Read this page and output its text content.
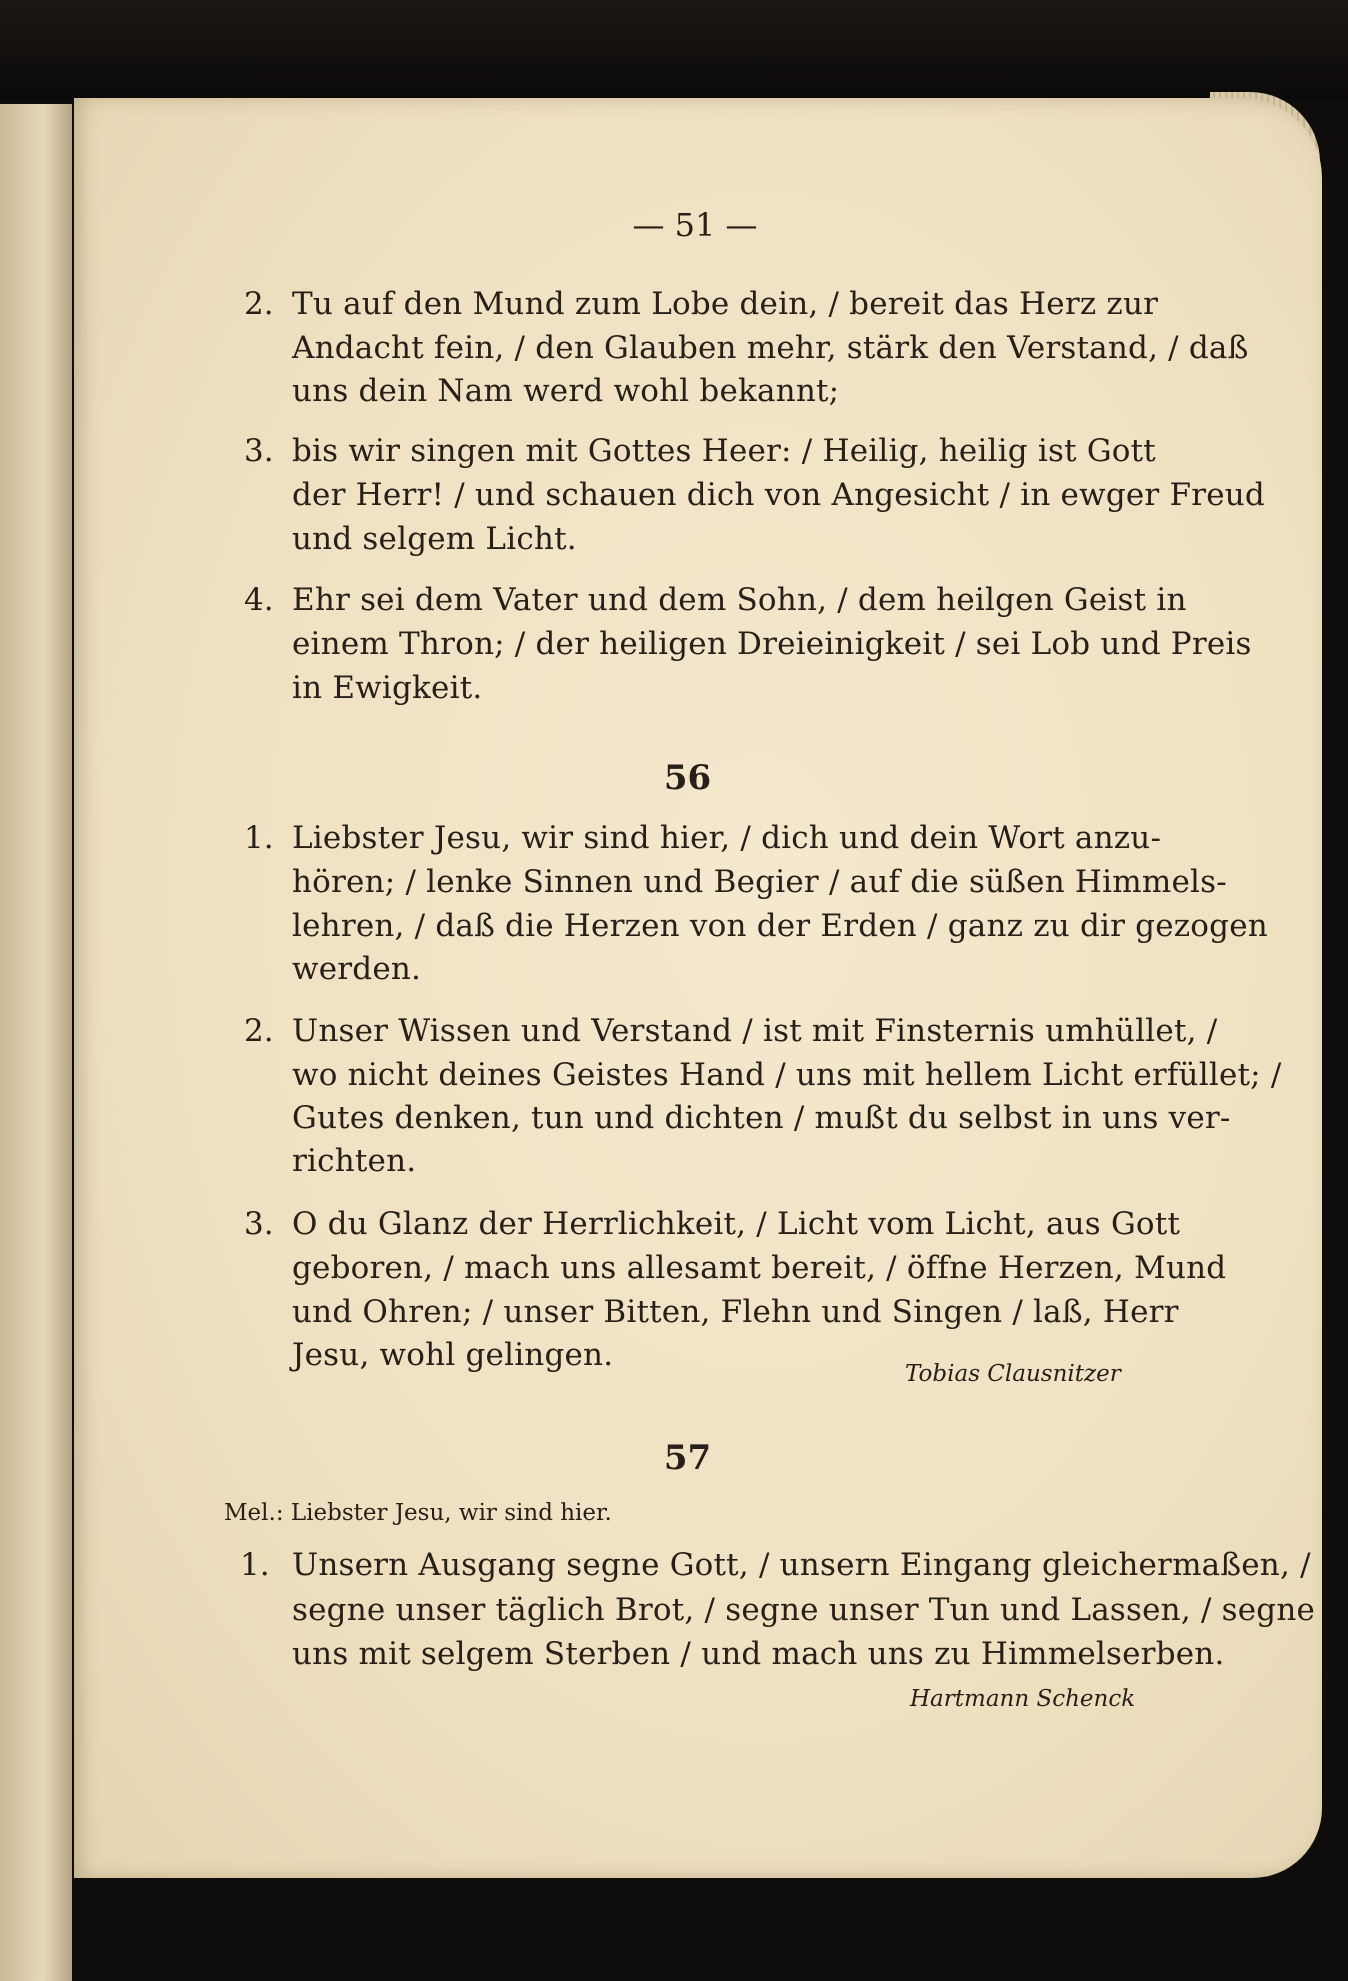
— 51 —
2. Tu auf den Mund zum Lobe dein, / bereit das Herz zur
Andacht fein, / den Glauben mehr, stärk den Verstand, / daß
uns dein Nam werd wohl bekannt;
3. bis wir singen mit Gottes Heer: / Heilig, heilig ist Gott
der Herr! / und schauen dich von Angesicht / in ewger Freud
und selgem Licht.
4. Ehr sei dem Vater und dem Sohn, / dem heilgen Geist in
einem Thron; / der heiligen Dreieinigkeit / sei Lob und Preis
in Ewigkeit.
56
1. Liebster Jesu, wir sind hier, / dich und dein Wort anzu-
hören; / lenke Sinnen und Begier / auf die süßen Himmels-
lehren, / daß die Herzen von der Erden / ganz zu dir gezogen
werden.
2. Unser Wissen und Verstand / ist mit Finsternis umhüllet, /
wo nicht deines Geistes Hand / uns mit hellem Licht erfüllet; /
Gutes denken, tun und dichten / mußt du selbst in uns ver-
richten.
3. O du Glanz der Herrlichkeit, / Licht vom Licht, aus Gott
geboren, / mach uns allesamt bereit, / öffne Herzen, Mund
und Ohren; / unser Bitten, Flehn und Singen / laß, Herr
Jesu, wohl gelingen.
Tobias Clausnitzer
57
Mel.: Liebster Jesu, wir sind hier.
1. Unsern Ausgang segne Gott, / unsern Eingang gleichermaßen, /
segne unser täglich Brot, / segne unser Tun und Lassen, / segne
uns mit selgem Sterben / und mach uns zu Himmelserben.
Hartmann Schenck
